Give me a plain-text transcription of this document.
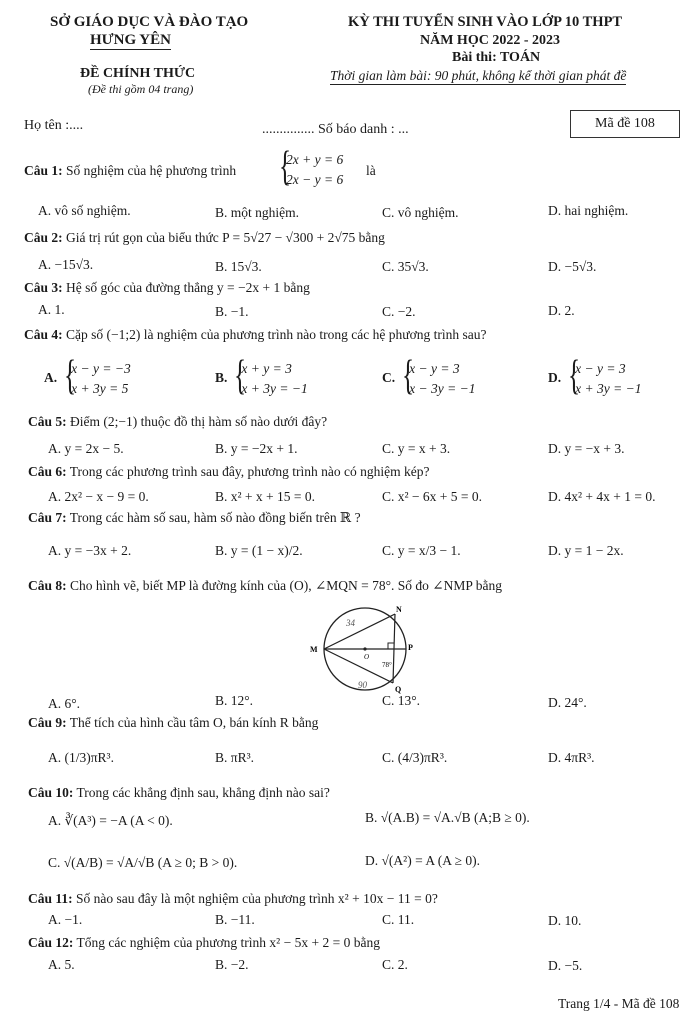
SỞ GIÁO DỤC VÀ ĐÀO TẠO
HƯNG YÊN
ĐỀ CHÍNH THỨC
(Đề thi gồm 04 trang)
KỲ THI TUYỂN SINH VÀO LỚP 10 THPT
NĂM HỌC 2022 - 2023
Bài thi: TOÁN
Thời gian làm bài: 90 phút, không kể thời gian phát đề
Họ tên :....	............... Số báo danh : ...	Mã đề 108
Câu 1: Số nghiệm của hệ phương trình
{ 2x + y = 6
2x − y = 6
là
A. vô số nghiệm.	B. một nghiệm.	C. vô nghiệm.	D. hai nghiệm.
Câu 2: Giá trị rút gọn của biểu thức P = 5√27 − √300 + 2√75 bằng
A. −15√3.	B. 15√3.	C. 35√3.	D. −5√3.
Câu 3: Hệ số góc của đường thẳng y = −2x + 1 bằng
A. 1.	B. −1.	C. −2.	D. 2.
Câu 4: Cặp số (−1;2) là nghiệm của phương trình nào trong các hệ phương trình sau?
A.{ x − y = −3
x + 3y = 5
B.{ x + y = 3
x + 3y = −1
C.{ x − y = 3
x − 3y = −1
D.{ x − y = 3
x + 3y = −1
Câu 5: Điểm (2;−1) thuộc đồ thị hàm số nào dưới đây?
A. y = 2x − 5.	B. y = −2x + 1.	C. y = x + 3.	D. y = −x + 3.
Câu 6: Trong các phương trình sau đây, phương trình nào có nghiệm kép?
A. 2x² − x − 9 = 0.	B. x² + x + 15 = 0.	C. x² − 6x + 5 = 0.	D. 4x² + 4x + 1 = 0.
Câu 7: Trong các hàm số sau, hàm số nào đồng biến trên ℝ ?
A. y = −3x + 2.	B. y = (1 − x)/2.	C. y = x/3 − 1.	D. y = 1 − 2x.
Câu 8: Cho hình vẽ, biết MP là đường kính của (O), ∠MQN = 78°. Số đo ∠NMP bằng
M
N
P
O
Q
78°
34
90
A. 6°.	B. 12°.	C. 13°.	D. 24°.
Câu 9: Thể tích của hình cầu tâm O, bán kính R bằng
A. (1/3)πR³.	B. πR³.	C. (4/3)πR³.	D. 4πR³.
Câu 10: Trong các khẳng định sau, khẳng định nào sai?
A. ∛(A³) = −A (A < 0).	B. √(A.B) = √A.√B (A;B ≥ 0).
C. √(A/B) = √A/√B (A ≥ 0; B > 0).	D. √(A²) = A (A ≥ 0).
Câu 11: Số nào sau đây là một nghiệm của phương trình x² + 10x − 11 = 0?
A. −1.	B. −11.	C. 11.	D. 10.
Câu 12: Tổng các nghiệm của phương trình x² − 5x + 2 = 0 bằng
A. 5.	B. −2.	C. 2.	D. −5.
Trang 1/4 - Mã đề 108
